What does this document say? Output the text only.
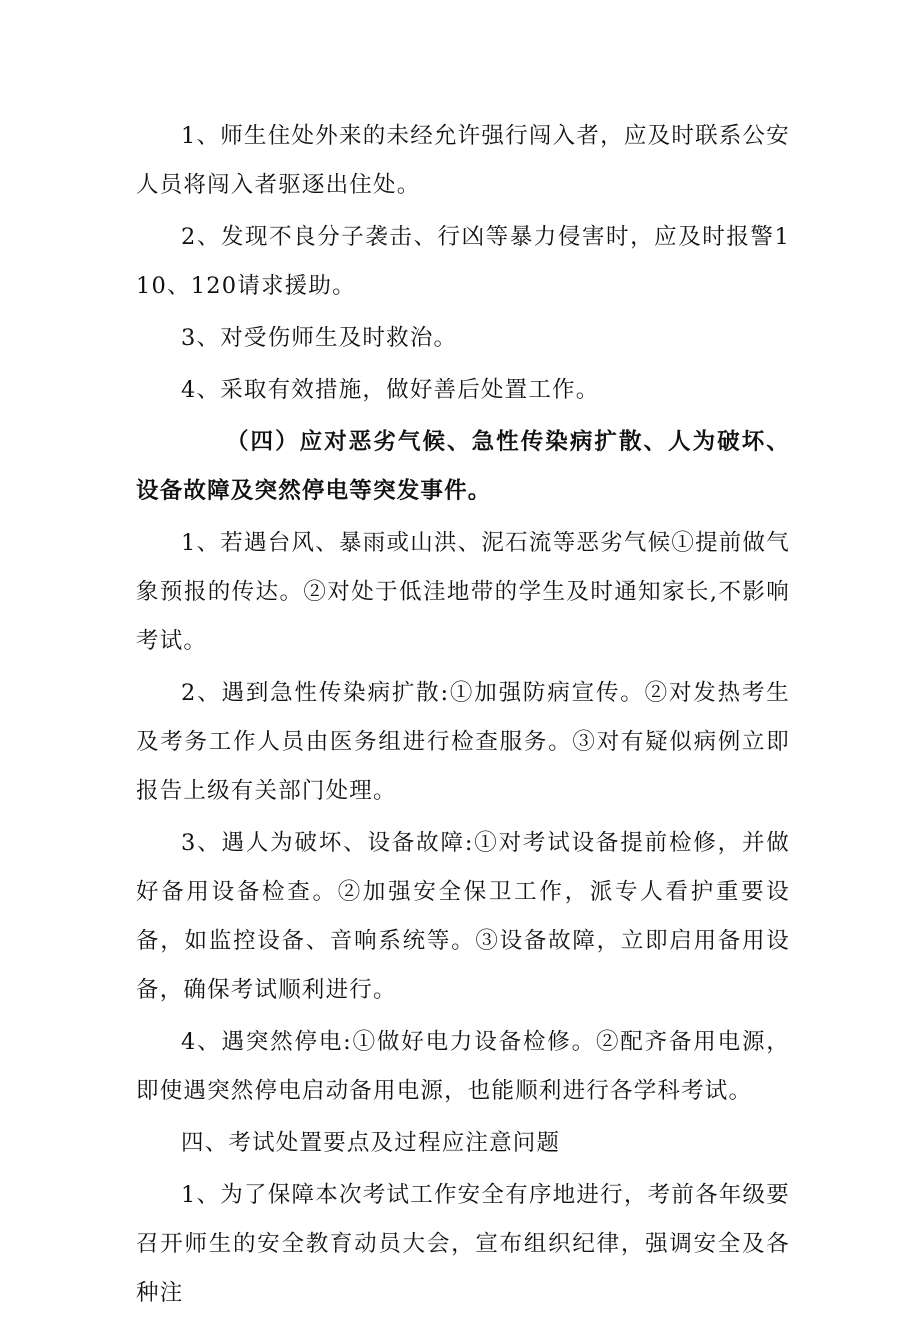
1、师生住处外来的未经允许强行闯入者，应及时联系公安人员将闯入者驱逐出住处。

2、发现不良分子袭击、行凶等暴力侵害时，应及时报警110、120请求援助。

3、对受伤师生及时救治。

4、采取有效措施，做好善后处置工作。

（四）应对恶劣气候、急性传染病扩散、人为破坏、设备故障及突然停电等突发事件。

1、若遇台风、暴雨或山洪、泥石流等恶劣气候①提前做气象预报的传达。②对处于低洼地带的学生及时通知家长,不影响考试。

2、遇到急性传染病扩散:①加强防病宣传。②对发热考生及考务工作人员由医务组进行检查服务。③对有疑似病例立即报告上级有关部门处理。

3、遇人为破坏、设备故障:①对考试设备提前检修，并做好备用设备检查。②加强安全保卫工作，派专人看护重要设备，如监控设备、音响系统等。③设备故障，立即启用备用设备，确保考试顺利进行。

4、遇突然停电:①做好电力设备检修。②配齐备用电源，即使遇突然停电启动备用电源，也能顺利进行各学科考试。

四、考试处置要点及过程应注意问题

1、为了保障本次考试工作安全有序地进行，考前各年级要召开师生的安全教育动员大会，宣布组织纪律，强调安全及各种注
